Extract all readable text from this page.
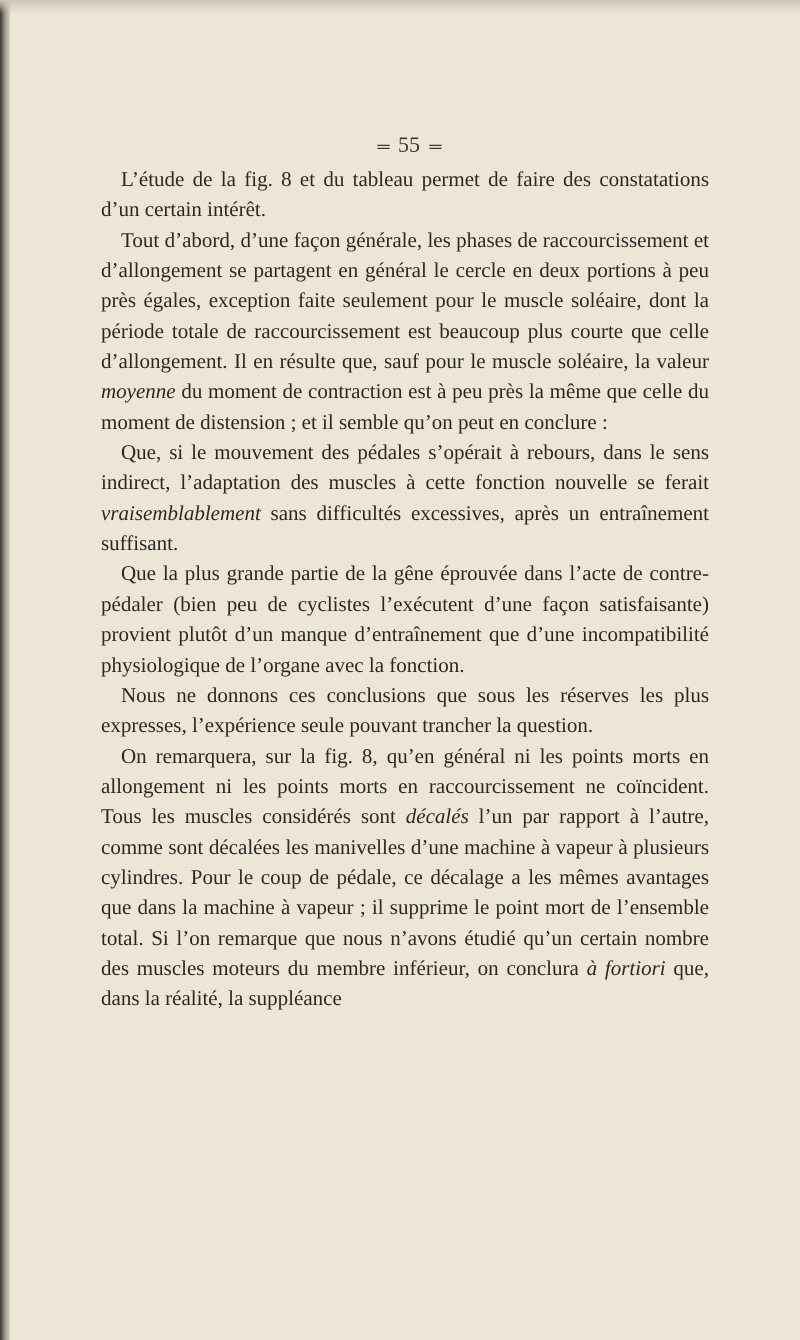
═ 55 ═

L’étude de la fig. 8 et du tableau permet de faire des constatations d’un certain intérêt.

Tout d’abord, d’une façon générale, les phases de raccourcissement et d’allongement se partagent en général le cercle en deux portions à peu près égales, exception faite seulement pour le muscle soléaire, dont la période totale de raccourcissement est beaucoup plus courte que celle d’allongement. Il en résulte que, sauf pour le muscle soléaire, la valeur moyenne du moment de contraction est à peu près la même que celle du moment de distension ; et il semble qu’on peut en conclure :

Que, si le mouvement des pédales s’opérait à rebours, dans le sens indirect, l’adaptation des muscles à cette fonction nouvelle se ferait vraisemblablement sans difficultés excessives, après un entraînement suffisant.

Que la plus grande partie de la gêne éprouvée dans l’acte de contre-pédaler (bien peu de cyclistes l’exécutent d’une façon satisfaisante) provient plutôt d’un manque d’entraînement que d’une incompatibilité physiologique de l’organe avec la fonction.

Nous ne donnons ces conclusions que sous les réserves les plus expresses, l’expérience seule pouvant trancher la question.

On remarquera, sur la fig. 8, qu’en général ni les points morts en allongement ni les points morts en raccourcissement ne coïncident. Tous les muscles considérés sont décalés l’un par rapport à l’autre, comme sont décalées les manivelles d’une machine à vapeur à plusieurs cylindres. Pour le coup de pédale, ce décalage a les mêmes avantages que dans la machine à vapeur ; il supprime le point mort de l’ensemble total. Si l’on remarque que nous n’avons étudié qu’un certain nombre des muscles moteurs du membre inférieur, on conclura à fortiori que, dans la réalité, la suppléance
